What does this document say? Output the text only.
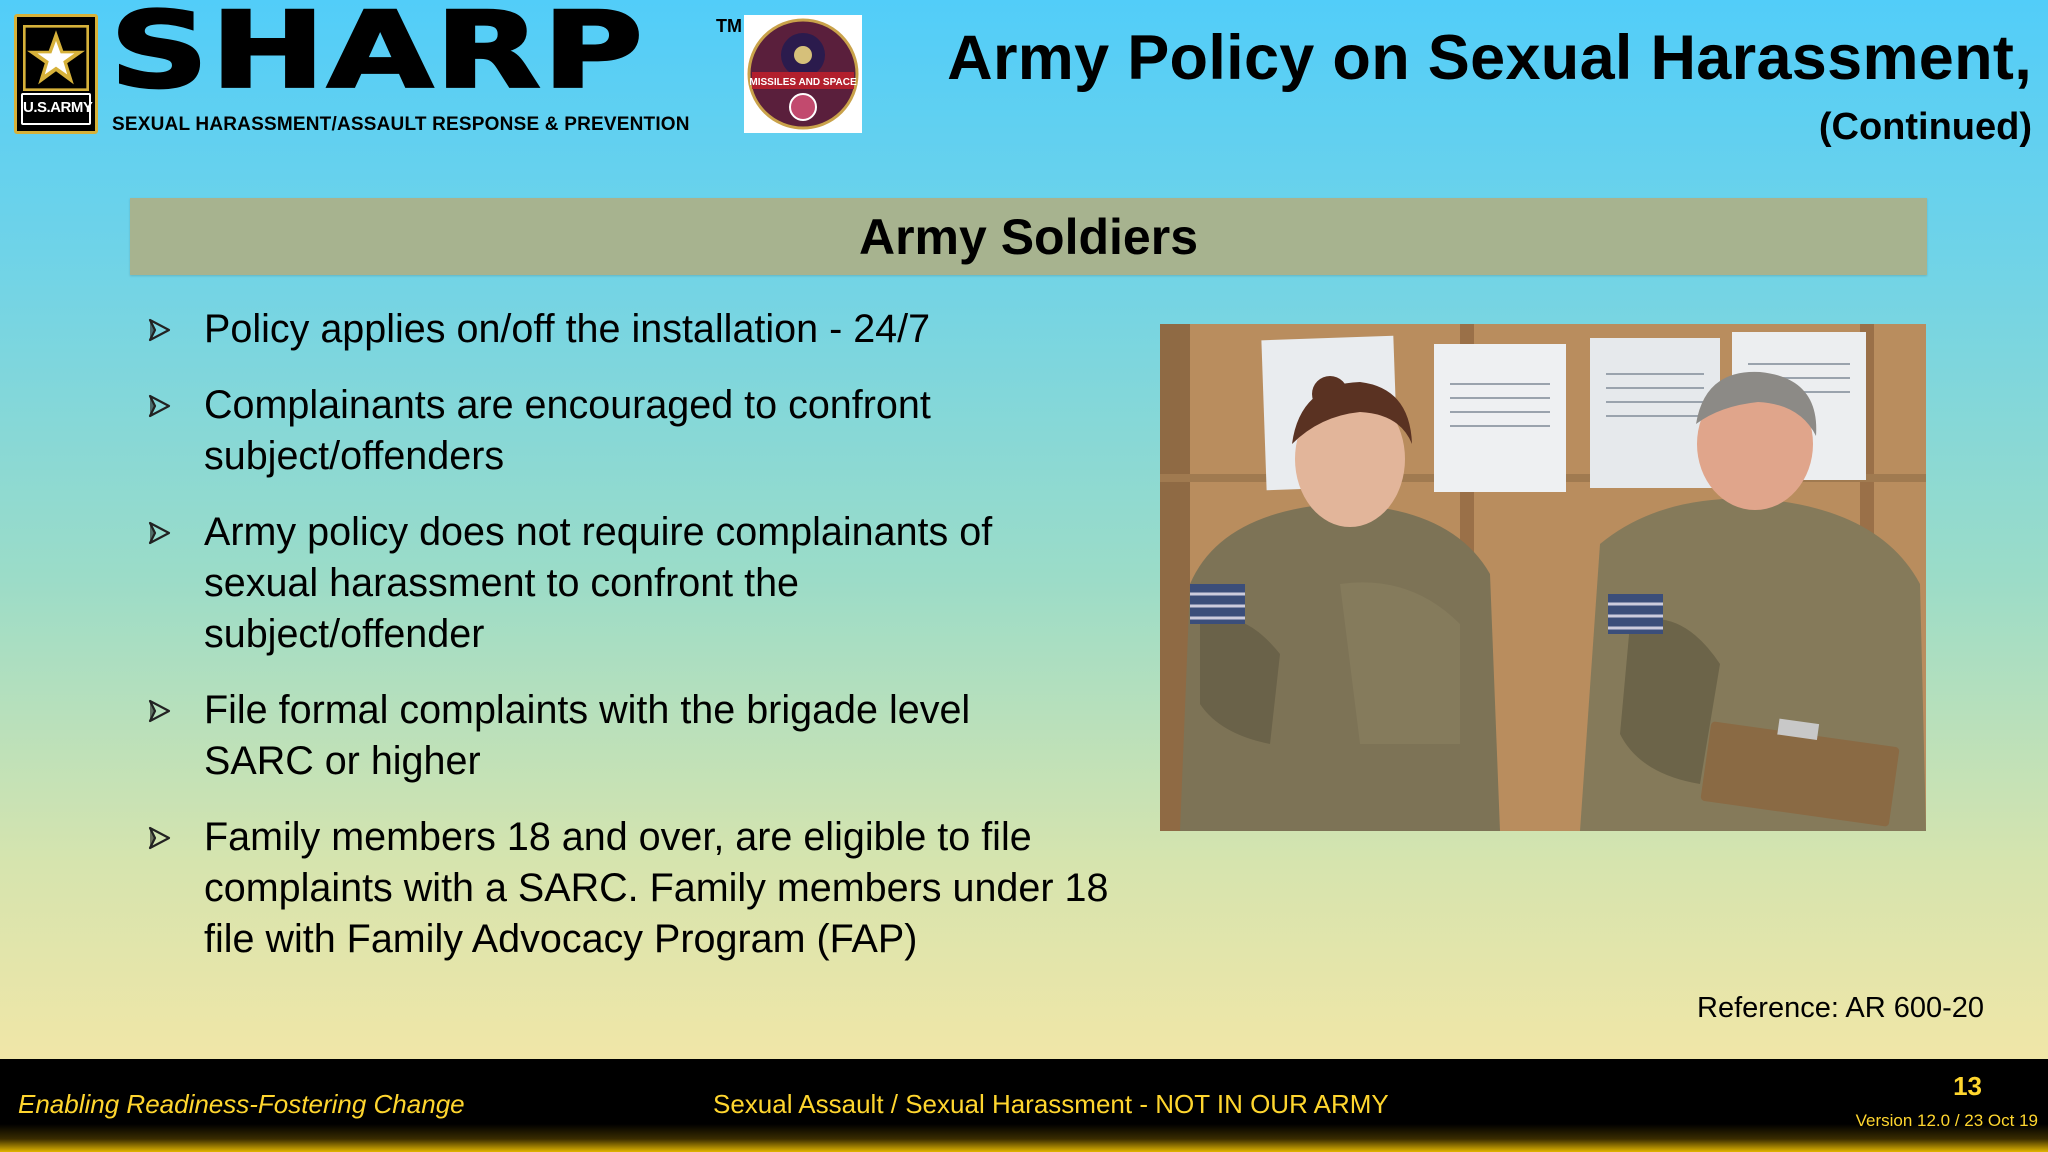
U.S.ARMY SHARP	TM
SEXUAL HARASSMENT/ASSAULT RESPONSE & PREVENTION
MISSILES AND SPACE Army Policy on Sexual Harassment,
(Continued)
Army Soldiers
Policy applies on/off the installation - 24/7
Complainants are encouraged to confront subject/offenders
Army policy does not require complainants of sexual harassment to confront the subject/offender
File formal complaints with the brigade level SARC or higher
Family members 18 and over, are eligible to file complaints with a SARC. Family members under 18 file with Family Advocacy Program (FAP)
Reference: AR 600-20
Enabling Readiness-Fostering Change	Sexual Assault / Sexual Harassment - NOT IN OUR ARMY
13
Version 12.0 / 23 Oct 19
